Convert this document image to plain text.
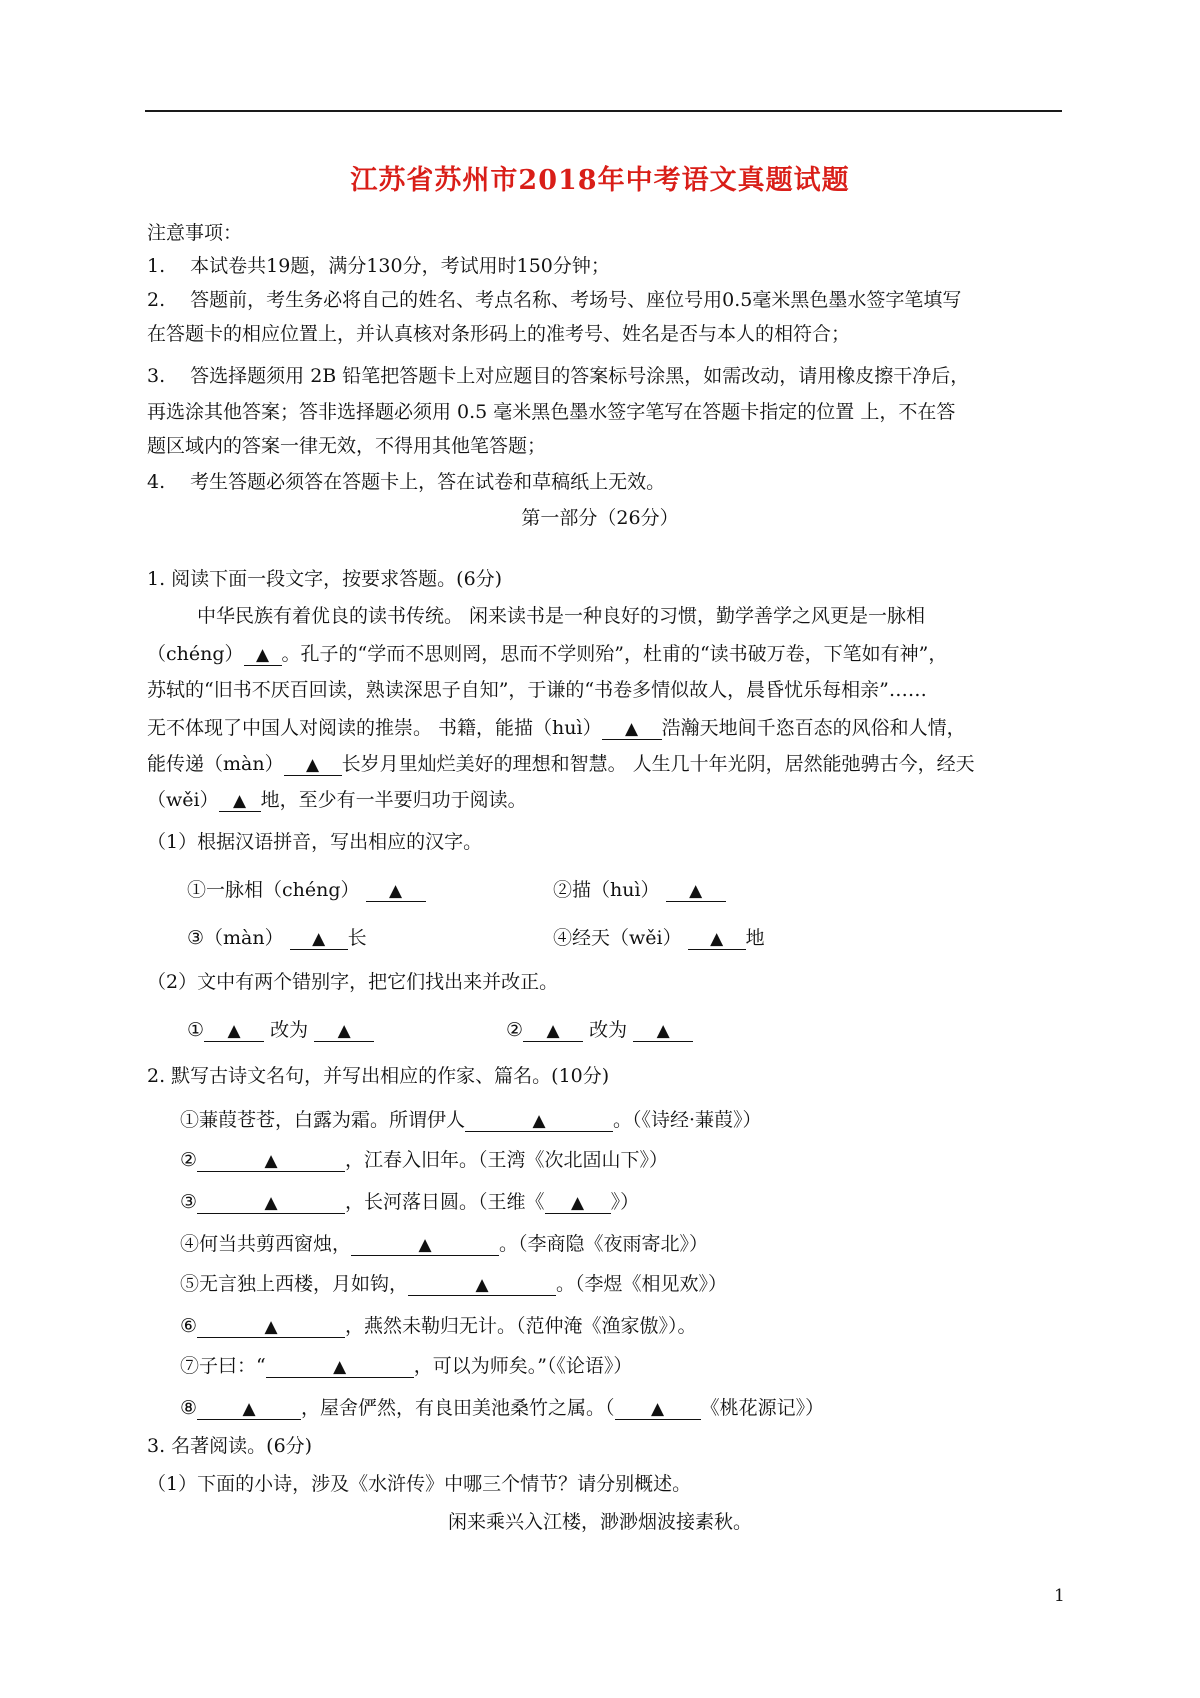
江苏省苏州市2018年中考语文真题试题
注意事项：
1.　 本试卷共19题，满分130分，考试用时150分钟；
2.　 答题前，考生务必将自己的姓名、考点名称、考场号、座位号用0.5毫米黑色墨水签字笔填写
在答题卡的相应位置上，并认真核对条形码上的准考号、姓名是否与本人的相符合；
3.　 答选择题须用 2B 铅笔把答题卡上对应题目的答案标号涂黑，如需改动，请用橡皮擦干净后，
再选涂其他答案；答非选择题必须用 0.5 毫米黑色墨水签字笔写在答题卡指定的位置 上，不在答
题区域内的答案一律无效，不得用其他笔答题；
4.　 考生答题必须答在答题卡上，答在试卷和草稿纸上无效。
第一部分（26分）
1. 阅读下面一段文字，按要求答题。(6分)
中华民族有着优良的读书传统。 闲来读书是一种良好的习惯，勤学善学之风更是一脉相
（chéng） ▲ 。孔子的“学而不思则罔，思而不学则殆”，杜甫的“读书破万卷，下笔如有神”，
苏轼的“旧书不厌百回读，熟读深思子自知”，于谦的“书卷多情似故人，晨昏忧乐每相亲”……
无不体现了中国人对阅读的推崇。 书籍，能描（huì） ▲ 浩瀚天地间千恣百态的风俗和人情，
能传递（màn） ▲ 长岁月里灿烂美好的理想和智慧。 人生几十年光阴，居然能弛骋古今，经天
（wěi） ▲ 地，至少有一半要归功于阅读。
（1）根据汉语拼音，写出相应的汉字。
①一脉相（chéng） ▲	②描（huì） ▲
③（màn） ▲ 长	④经天（wěi） ▲ 地
（2）文中有两个错别字，把它们找出来并改正。
① ▲ 改为 ▲	② ▲ 改为 ▲
2. 默写古诗文名句，并写出相应的作家、篇名。(10分)
①蒹葭苍苍，白露为霜。所谓伊人	▲	。（《诗经·蒹葭》）
②	▲	，江春入旧年。（王湾《次北固山下》）
③	▲	，长河落日圆。（王维《 ▲ 》）
④何当共剪西窗烛，	▲	。（李商隐《夜雨寄北》）
⑤无言独上西楼，月如钩，	▲	。（李煜《相见欢》）
⑥	▲	，燕然未勒归无计。（范仲淹《渔家傲》）。
⑦子曰：“	▲	，可以为师矣。”（《论语》）
⑧	▲ ，屋舍俨然，有良田美池桑竹之属。（ ▲ 《桃花源记》）
3. 名著阅读。(6分)
（1）下面的小诗，涉及《水浒传》中哪三个情节？请分别概述。
闲来乘兴入江楼，渺渺烟波接素秋。
1
